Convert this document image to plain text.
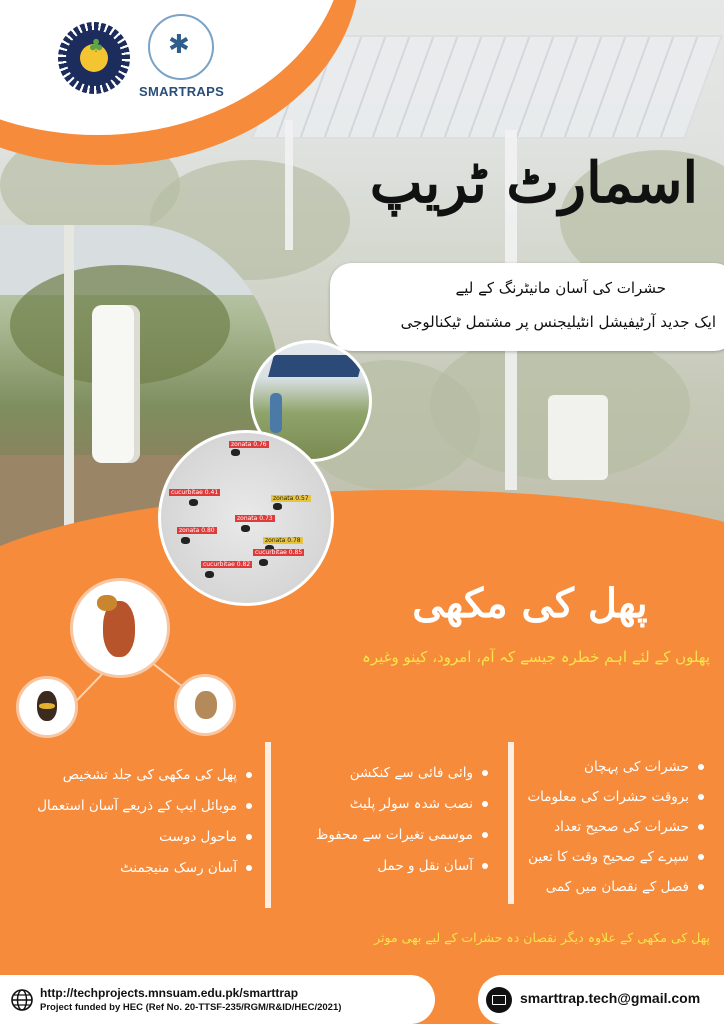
♣ ✱
SMARTRAPS
اسمارٹ ٹریپ
حشرات کی آسان مانیٹرنگ کے لیے
ایک جدید آرٹیفیشل انٹیلیجنس پر مشتمل ٹیکنالوجی
zonata 0.76
zonata 0.57
cucurbitae 0.41
zonata 0.73
zonata 0.80
zonata 0.78
cucurbitae 0.82
cucurbitae 0.85
پھل کی مکھی
پھلوں کے لئے اہم خطرہ جیسے کہ آم، امرود، کینو وغیرہ
حشرات کی پہچان
بروقت حشرات کی معلومات
حشرات کی صحیح تعداد
سپرے کے صحیح وقت کا تعین
فصل کے نقصان میں کمی
وائی فائی سے کنکشن
نصب شدہ سولر پلیٹ
موسمی تغیرات سے محفوظ
آسان نقل و حمل
پھل کی مکھی کی جلد تشخیص
موبائل ایپ کے ذریعے آسان استعمال
ماحول دوست
آسان رسک منیجمنٹ
پھل کی مکھی کے علاوہ دیگر نقصان دہ حشرات کے لیے بھی موثر
http://techprojects.mnsuam.edu.pk/smarttrap
Project funded by HEC (Ref No. 20-TTSF-235/RGM/R&ID/HEC/2021)
smarttrap.tech@gmail.com
